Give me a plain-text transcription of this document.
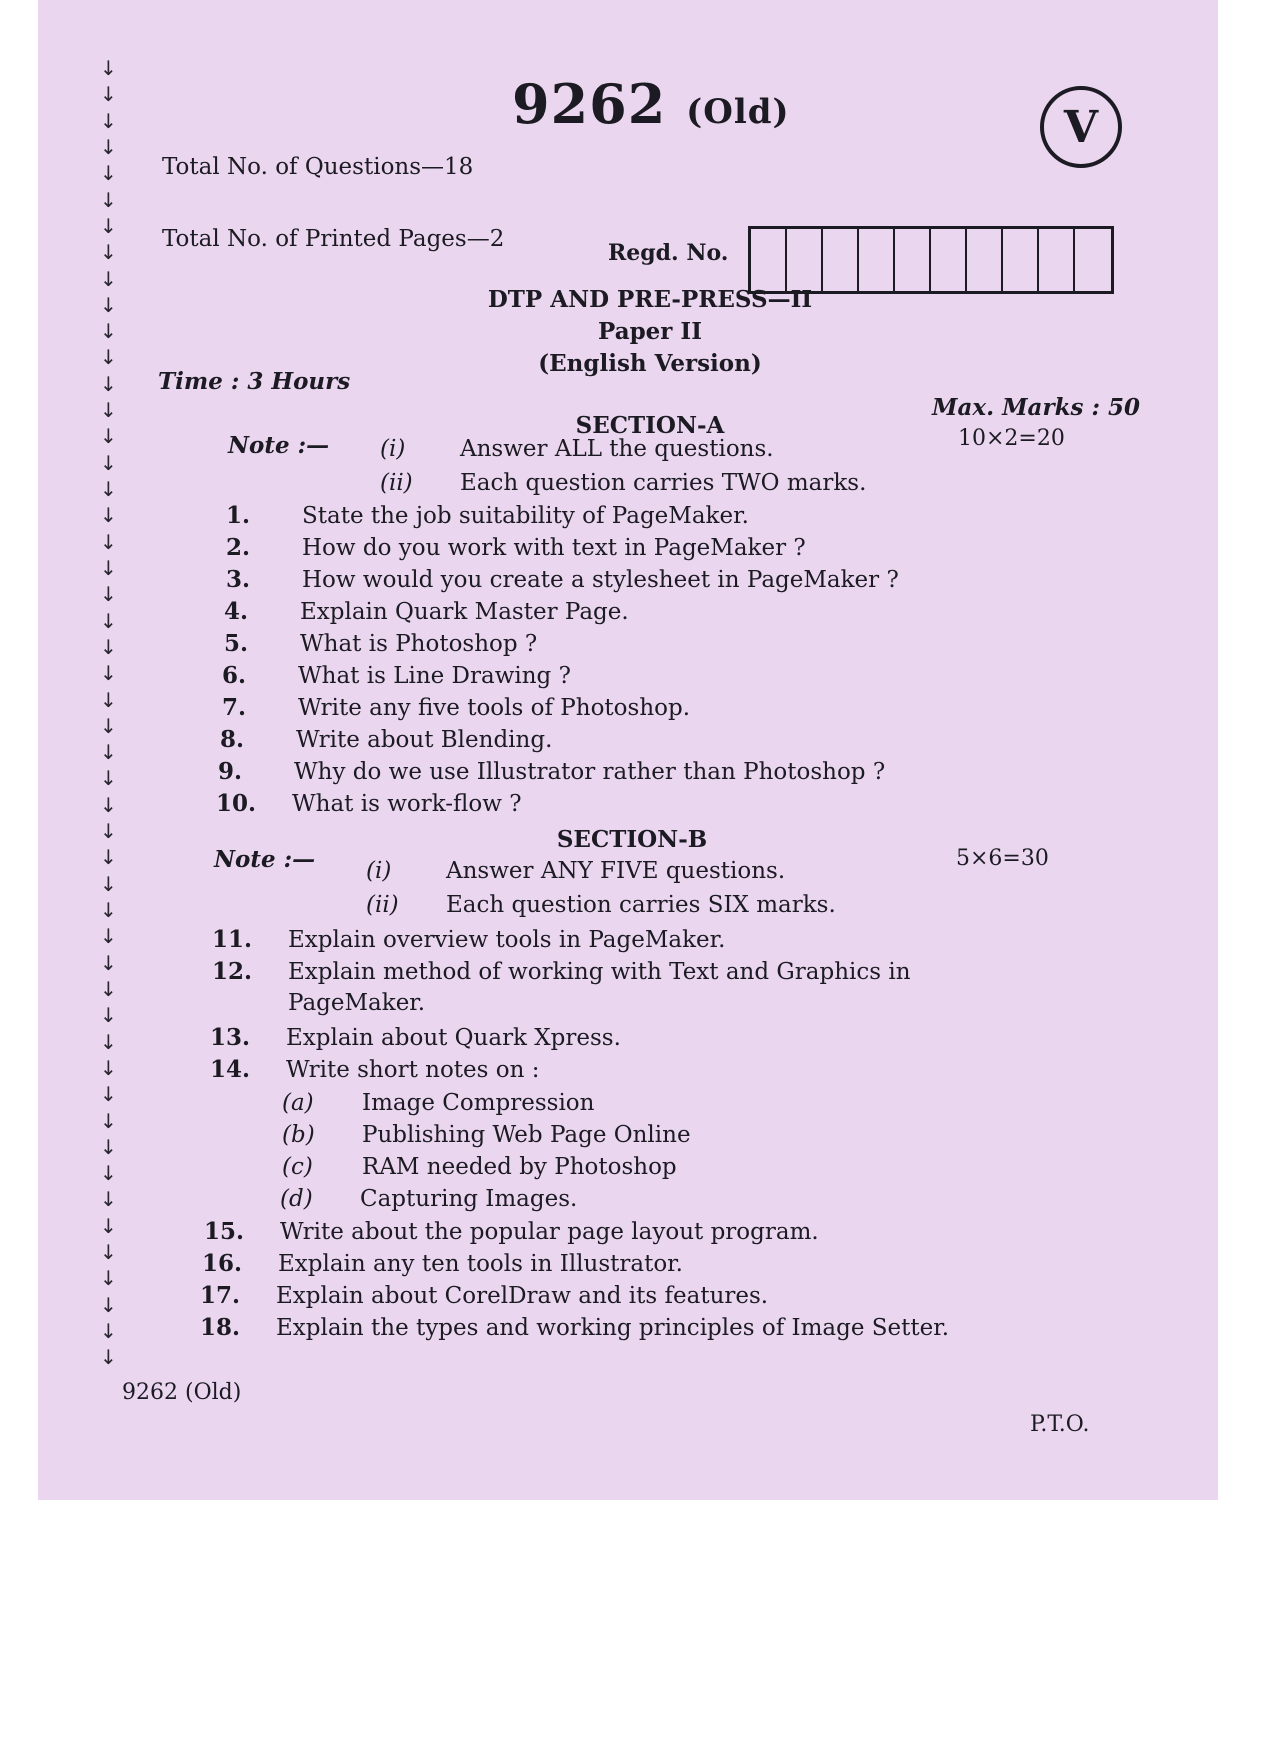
↓
↓
↓
↓
↓
↓
↓
↓
↓
↓
↓
↓
↓
↓
↓
↓
↓
↓
↓
↓
↓
↓
↓
↓
↓
↓
↓
↓
↓
↓
↓
↓
↓
↓
↓
↓
↓
↓
↓
↓
↓
↓
↓
↓
↓
↓
↓
↓
↓
↓
9262 (Old)	V
Total No. of Questions—18
Total No. of Printed Pages—2
Regd. No.
DTP AND PRE-PRESS—II
Paper II
(English Version)
Time : 3 Hours
Max. Marks : 50
SECTION-A	10×2=20
Note :— (i) Answer ALL the questions.
(ii) Each question carries TWO marks.
1. State the job suitability of PageMaker.
2. How do you work with text in PageMaker ?
3. How would you create a stylesheet in PageMaker ?
4. Explain Quark Master Page.
5. What is Photoshop ?
6. What is Line Drawing ?
7. Write any five tools of Photoshop.
8. Write about Blending.
9. Why do we use Illustrator rather than Photoshop ?
10. What is work-flow ?
SECTION-B
5×6=30
Note :— (i) Answer ANY FIVE questions.
(ii) Each question carries SIX marks.
11. Explain overview tools in PageMaker.
12. Explain method of working with Text and Graphics in
PageMaker.
13. Explain about Quark Xpress.
14. Write short notes on :
(a) Image Compression
(b) Publishing Web Page Online
(c) RAM needed by Photoshop
(d) Capturing Images.
15. Write about the popular page layout program.
16. Explain any ten tools in Illustrator.
17. Explain about CorelDraw and its features.
18. Explain the types and working principles of Image Setter.
9262 (Old)
P.T.O.
